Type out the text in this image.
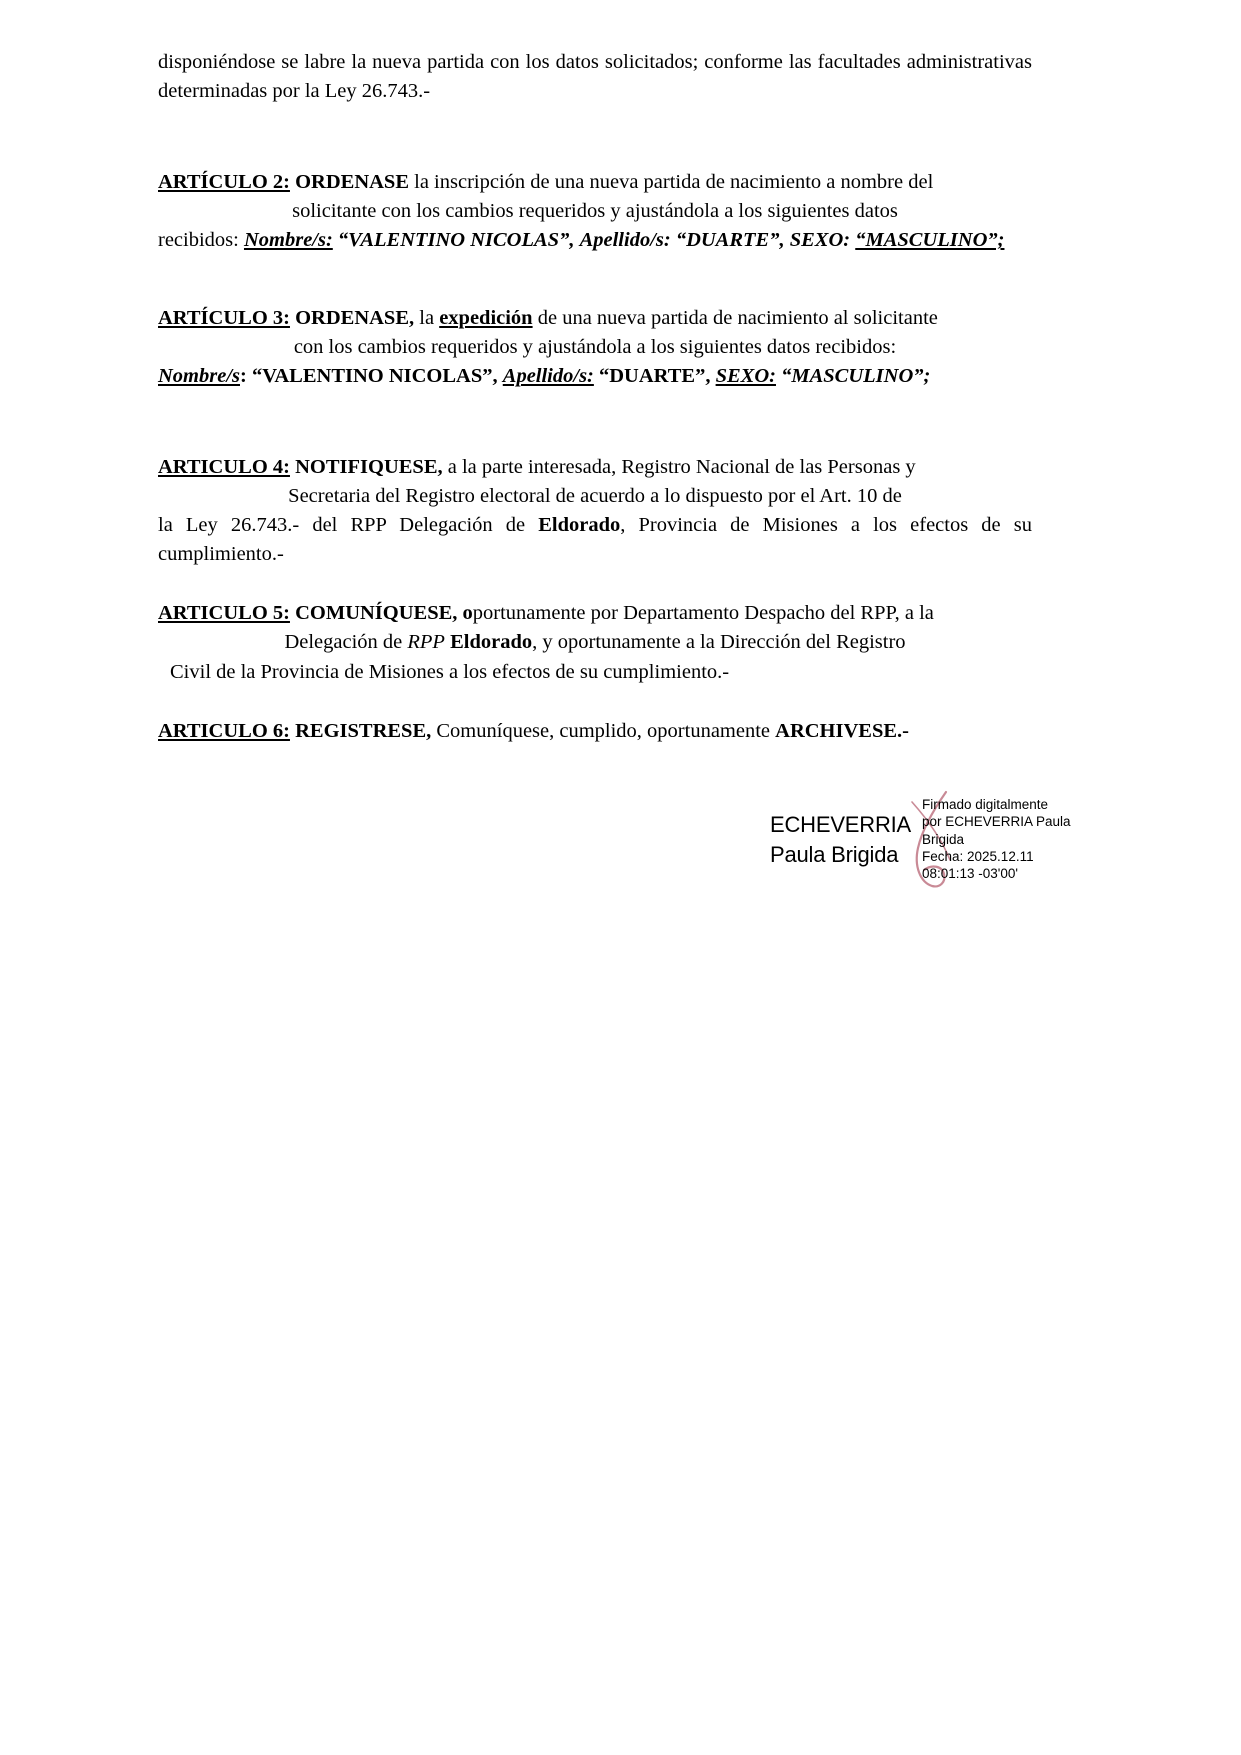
disponiéndose se labre la nueva partida con los datos solicitados; conforme las facultades administrativas determinadas por la Ley 26.743.-

ARTÍCULO 2: ORDENASE la inscripción de una nueva partida de nacimiento a nombre del
solicitante con los cambios requeridos y ajustándola a los siguientes datos
recibidos: Nombre/s: “VALENTINO NICOLAS”, Apellido/s: “DUARTE”, SEXO: “MASCULINO”;

ARTÍCULO 3: ORDENASE, la expedición de una nueva partida de nacimiento al solicitante
con los cambios requeridos y ajustándola a los siguientes datos recibidos:
Nombre/s: “VALENTINO NICOLAS”, Apellido/s: “DUARTE”, SEXO: “MASCULINO”;

ARTICULO 4: NOTIFIQUESE, a la parte interesada, Registro Nacional de las Personas y
Secretaria del Registro electoral de acuerdo a lo dispuesto por el Art. 10 de
la Ley 26.743.- del RPP Delegación de Eldorado, Provincia de Misiones a los efectos de su cumplimiento.-

ARTICULO 5: COMUNÍQUESE, oportunamente por Departamento Despacho del RPP, a la
Delegación de RPP Eldorado, y oportunamente a la Dirección del Registro
Civil de la Provincia de Misiones a los efectos de su cumplimiento.-

ARTICULO 6: REGISTRESE, Comuníquese, cumplido, oportunamente ARCHIVESE.-

ECHEVERRIA
Paula Brigida
Firmado digitalmente
por ECHEVERRIA Paula
Brigida
Fecha: 2025.12.11
08:01:13 -03'00'
